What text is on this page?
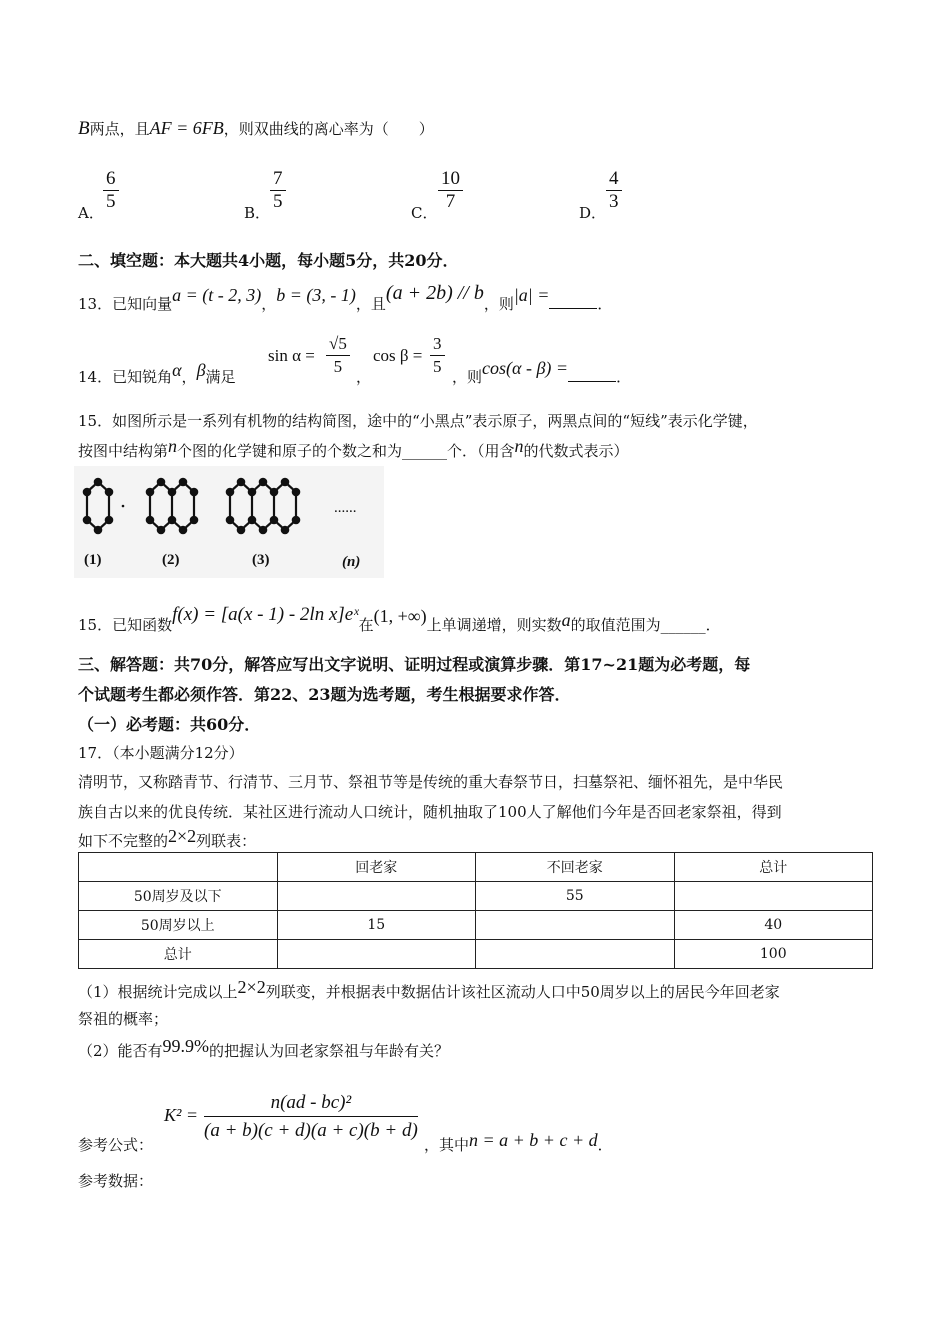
B两点，且AF = 6FB，则双曲线的离心率为（　　）
A． $\frac{6}{5}$	B． $\frac{7}{5}$	C． $\frac{10}{7}$	D． $\frac{4}{3}$
二、填空题：本大题共4小题，每小题5分，共20分．
13．已知向量a = (t - 2, 3)，b = (3, - 1)，且(a + 2b) // b，则|a| =	．
14．已知锐角α，β满足
$\sin \alpha = \frac{√5}{5}$ ，
$\cos \beta = \frac{3}{5}$ ，则cos(α - β) =	．
15．如图所示是一系列有机物的结构简图，途中的“小黑点”表示原子，两黑点间的“短线”表示化学键，
按图中结构第n个图的化学键和原子的个数之和为______个．（用含n的代数式表示）
......
(1)	(2)	(3)	(n)
15．已知函数f(x) = [a(x - 1) - 2ln x]eˣ在(1, +∞)上单调递增，则实数a的取值范围为______．
三、解答题：共70分，解答应写出文字说明、证明过程或演算步骤．第17~21题为必考题，每
个试题考生都必须作答．第22、23题为选考题，考生根据要求作答．
（一）必考题：共60分．
17．（本小题满分12分）
清明节，又称踏青节、行清节、三月节、祭祖节等是传统的重大春祭节日，扫墓祭祀、缅怀祖先，是中华民
族自古以来的优良传统．某社区进行流动人口统计，随机抽取了100人了解他们今年是否回老家祭祖，得到
如下不完整的2×2列联表：
	回老家	不回老家	总计
50周岁及以下		55	
50周岁以上	15		40
总计			100
（1）根据统计完成以上2×2列联变，并根据表中数据估计该社区流动人口中50周岁以上的居民今年回老家
祭祖的概率；
（2）能否有99.9%的把握认为回老家祭祖与年龄有关？
参考公式：
$K^2 = \frac{\text{n(ad - bc)²}}{(a + b)(c + d)(a + c)(b + d)}$ ，其中n = a + b + c + d．
参考数据：
